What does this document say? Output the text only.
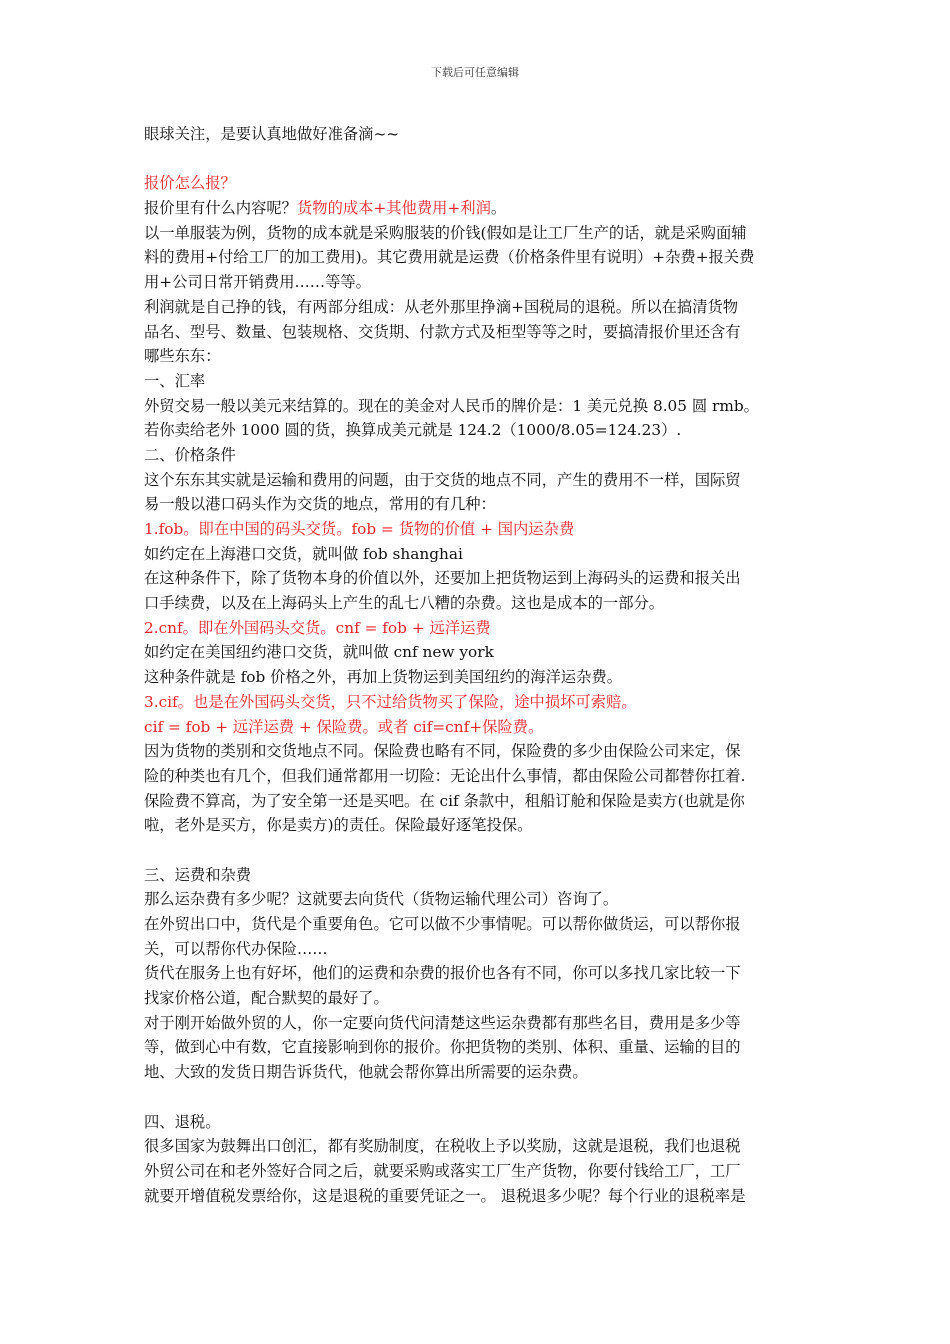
下载后可任意编辑
眼球关注，是要认真地做好准备滴~~
报价怎么报？
报价里有什么内容呢？货物的成本+其他费用+利润。
以一单服装为例，货物的成本就是采购服装的价钱(假如是让工厂生产的话，就是采购面辅
料的费用+付给工厂的加工费用)。其它费用就是运费（价格条件里有说明）+杂费+报关费
用+公司日常开销费用……等等。
利润就是自己挣的钱，有两部分组成：从老外那里挣滴+国税局的退税。所以在搞清货物
品名、型号、数量、包装规格、交货期、付款方式及柜型等等之时，要搞清报价里还含有
哪些东东：
一、汇率
外贸交易一般以美元来结算的。现在的美金对人民币的牌价是：1 美元兑换 8.05 圆 rmb。
若你卖给老外 1000 圆的货，换算成美元就是 124.2（1000/8.05=124.23）.
二、价格条件
这个东东其实就是运输和费用的问题，由于交货的地点不同，产生的费用不一样，国际贸
易一般以港口码头作为交货的地点，常用的有几种：
1.fob。即在中国的码头交货。fob = 货物的价值 + 国内运杂费
如约定在上海港口交货，就叫做 fob shanghai
在这种条件下，除了货物本身的价值以外，还要加上把货物运到上海码头的运费和报关出
口手续费，以及在上海码头上产生的乱七八糟的杂费。这也是成本的一部分。
2.cnf。即在外国码头交货。cnf = fob + 远洋运费
如约定在美国纽约港口交货，就叫做 cnf new york
这种条件就是 fob 价格之外，再加上货物运到美国纽约的海洋运杂费。
3.cif。也是在外国码头交货，只不过给货物买了保险，途中损坏可索赔。
cif = fob + 远洋运费 + 保险费。或者 cif=cnf+保险费。
因为货物的类别和交货地点不同。保险费也略有不同，保险费的多少由保险公司来定，保
险的种类也有几个，但我们通常都用一切险：无论出什么事情，都由保险公司都替你扛着.
保险费不算高，为了安全第一还是买吧。在 cif 条款中，租船订舱和保险是卖方(也就是你
啦，老外是买方，你是卖方)的责任。保险最好逐笔投保。
三、运费和杂费
那么运杂费有多少呢？这就要去向货代（货物运输代理公司）咨询了。
在外贸出口中，货代是个重要角色。它可以做不少事情呢。可以帮你做货运，可以帮你报
关，可以帮你代办保险……
货代在服务上也有好坏，他们的运费和杂费的报价也各有不同，你可以多找几家比较一下
找家价格公道，配合默契的最好了。
对于刚开始做外贸的人，你一定要向货代问清楚这些运杂费都有那些名目，费用是多少等
等，做到心中有数，它直接影响到你的报价。你把货物的类别、体积、重量、运输的目的
地、大致的发货日期告诉货代，他就会帮你算出所需要的运杂费。
四、退税。
很多国家为鼓舞出口创汇，都有奖励制度，在税收上予以奖励，这就是退税，我们也退税
外贸公司在和老外签好合同之后，就要采购或落实工厂生产货物，你要付钱给工厂，工厂
就要开增值税发票给你，这是退税的重要凭证之一。 退税退多少呢？每个行业的退税率是
